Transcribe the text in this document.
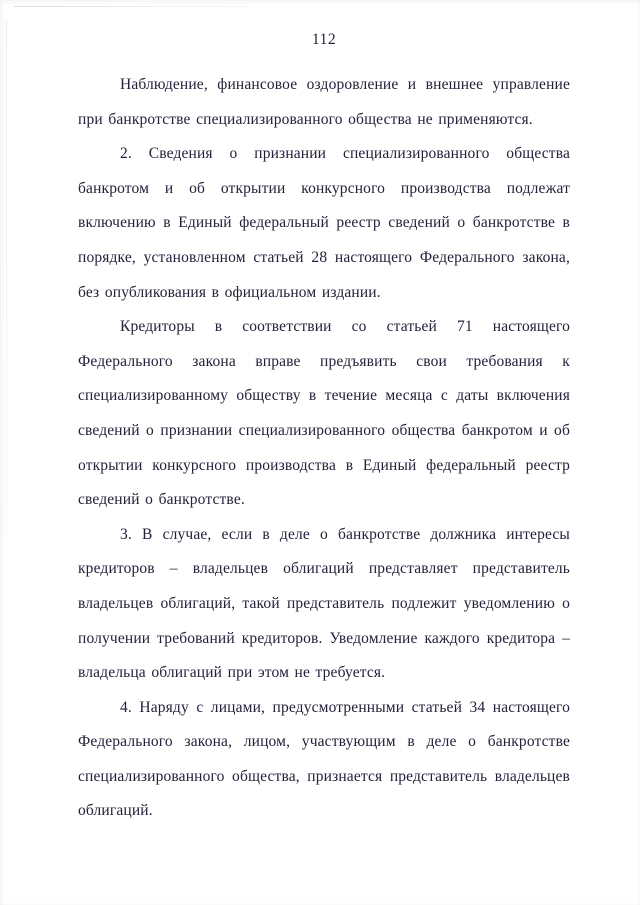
112

Наблюдение, финансовое оздоровление и внешнее управление при банкротстве специализированного общества не применяются.

2. Сведения о признании специализированного общества банкротом и об открытии конкурсного производства подлежат включению в Единый федеральный реестр сведений о банкротстве в порядке, установленном статьей 28 настоящего Федерального закона, без опубликования в официальном издании.

Кредиторы в соответствии со статьей 71 настоящего Федерального закона вправе предъявить свои требования к специализированному обществу в течение месяца с даты включения сведений о признании специализированного общества банкротом и об открытии конкурсного производства в Единый федеральный реестр сведений о банкротстве.

3. В случае, если в деле о банкротстве должника интересы кредиторов – владельцев облигаций представляет представитель владельцев облигаций, такой представитель подлежит уведомлению о получении требований кредиторов. Уведомление каждого кредитора – владельца облигаций при этом не требуется.

4. Наряду с лицами, предусмотренными статьей 34 настоящего Федерального закона, лицом, участвующим в деле о банкротстве специализированного общества, признается представитель владельцев облигаций.
